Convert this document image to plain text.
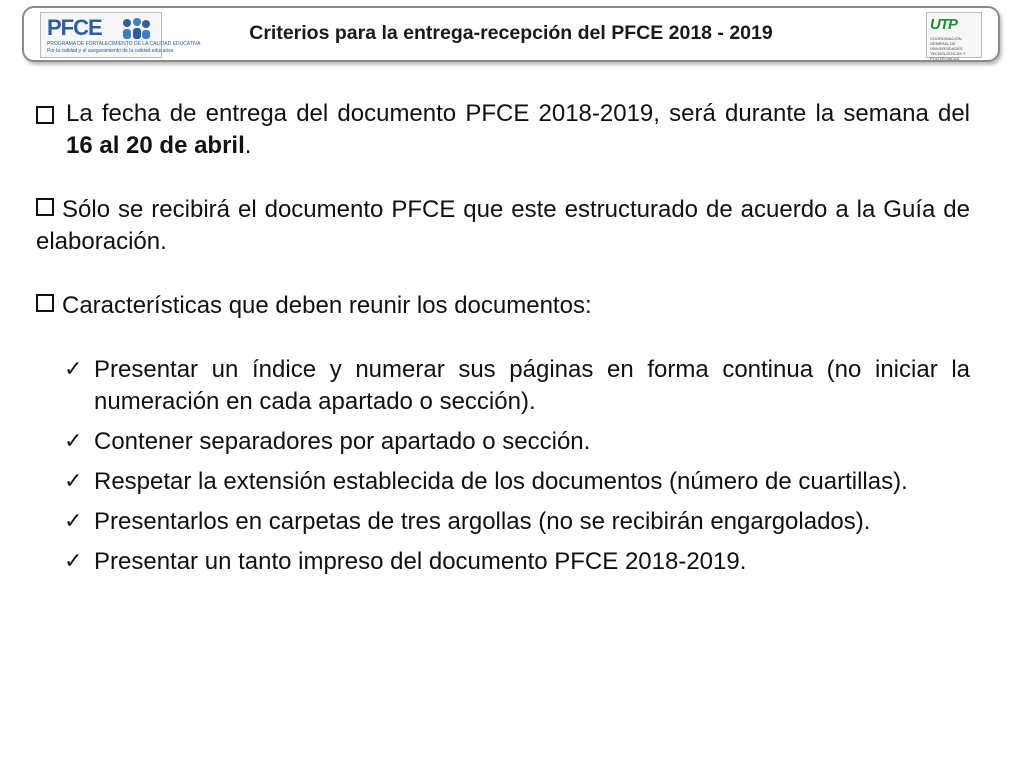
PFCE
PROGRAMA DE FORTALECIMIENTO DE LA CALIDAD EDUCATIVA
Por la calidad y el aseguramiento de la calidad educativa
Criterios para la entrega-recepción del PFCE 2018 - 2019	UTP
COORDINACIÓN GENERAL DE UNIVERSIDADES TECNOLÓGICAS Y POLITÉCNICAS

La fecha de entrega del documento PFCE 2018-2019, será durante la semana del 16 al 20 de abril.

Sólo se recibirá el documento PFCE que este estructurado de acuerdo a la Guía de elaboración.

Características que deben reunir los documentos:

✓ Presentar un índice y numerar sus páginas en forma continua (no iniciar la numeración en cada apartado o sección).

✓ Contener separadores por apartado o sección.

✓ Respetar la extensión establecida de los documentos (número de cuartillas).

✓ Presentarlos en carpetas de tres argollas (no se recibirán engargolados).

✓ Presentar un tanto impreso del documento PFCE 2018-2019.
